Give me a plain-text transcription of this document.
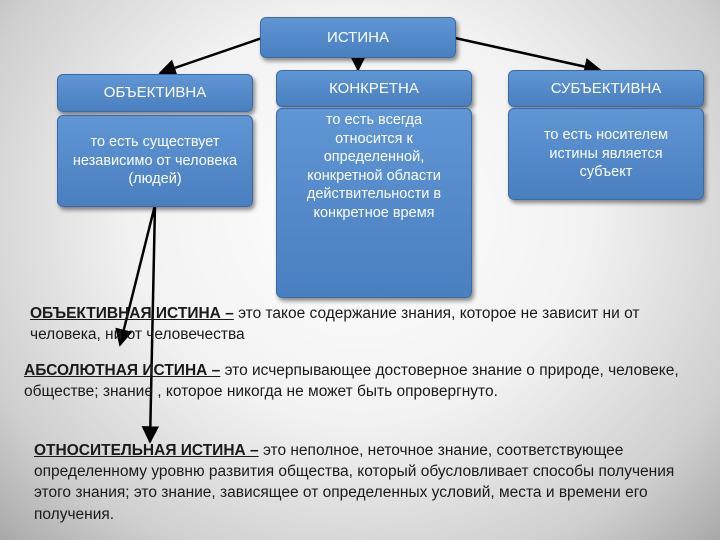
ИСТИНА
ОБЪЕКТИВНА	КОНКРЕТНА	СУБЪЕКТИВНА
то есть существует независимо от человека (людей)
то есть всегда относится к определенной, конкретной области действительности в конкретное время
то есть носителем истины является субъект
ОБЪЕКТИВНАЯ ИСТИНА – это такое содержание знания, которое не зависит ни от человека, ни от человечества
АБСОЛЮТНАЯ ИСТИНА – это исчерпывающее достоверное знание о природе, человеке, обществе; знание , которое никогда не может быть опровергнуто.
ОТНОСИТЕЛЬНАЯ ИСТИНА – это неполное, неточное знание, соответствующее определенному уровню развития общества, который обусловливает способы получения этого знания; это знание, зависящее от определенных условий, места и времени его получения.
